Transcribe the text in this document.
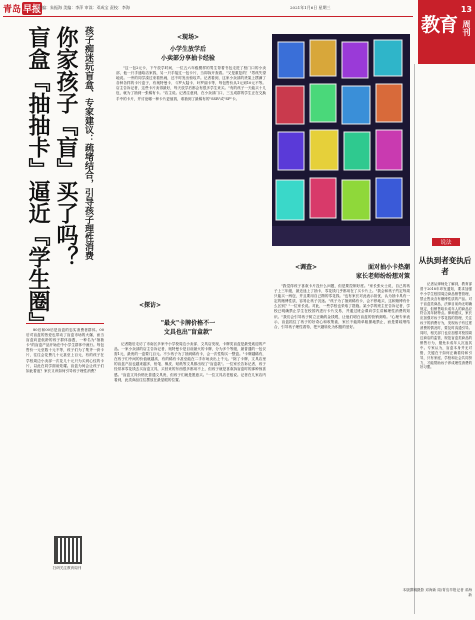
青岛 早报
美编：朱振海 美编：李萍 审读：邓成宝 责校：李海	2021年1月6日 星期三
教育
13
周刊
孩子痴迷玩盲盒、专家建议：疏堵结合，引导孩子理性消费
你家孩子『盲』买了吗？
盲盒『抽抽卡』逼近『学生圈』

80后和00后是盲盒的忠实消费者群体。00后对盲盒的热爱也带动了盲盒市场的火爆，而当盲盒向更低龄的孩子群体渗透，一种名为"抽抽卡"的盲盒产品开始在中小学生群体中流行。每包售价一元至数十元不等，孩子们为了集齐一套卡片，往往会花费几十元甚至上百元，有的孩子在学校周边小卖部一次花几十元只为买到心仪的卡片，以此在同学面前炫耀。盲盒为何会让孩子们如此着迷？家长又该如何引导孩子理性消费？

扫码关注教育周刊
<现场>
小学生放学后
小卖部分享抽卡经验

"这一包2元卡，下午放学时间，一位五六年级模样的男生背着书包走进了校门口的小卖部，他一只手递给店家钱，另一只手接过一包卡片，当即拆开查看。"又是重复的！"男孩失望地说。一旁的同学凑过来看热闹，还不时发出惊叹声。记者看到，这家小卖部的货架上摆满了各种各样的卡片盒子，有奥特曼卡、斗罗大陆卡、叶罗丽卡等，每包售价从1元到10元不等。店主告诉记者，这些卡片卖得最好，每天放学后都会有很多学生来买。"有的孩子一天能买十几包，就为了抽到一张稀有卡。"店主说。记者注意到，在小卖部门口，三五成群的学生正在交换手中的卡片，并讨论哪一种卡片更值钱，谁抽到了最稀有的"SSR"或"SP"卡。

<探访>
"最火"卡牌价格不一
文具也出"盲盒款"

记者随后走访了市南区多家中小学校周边小卖部、文具店发现，卡牌类盲盒是最受欢迎的产品。一家小卖部的店主告诉记者，奥特曼卡是目前最火的卡牌，分为多个等级，最普通的一包仅需1元，最贵的一盒要几百元。不少孩子为了抽到稀有卡，会一次性购买一整盒。"卡牌越稀有，在孩子们中间的价值就越高，有的稀有卡甚至能在二手市场卖出上千元。"除了卡牌，文具店里的盲盒产品也越来越多，铅笔、橡皮、贴纸等文具都出现了"盲盒款"。一位家长告诉记者，孩子经常拿零花钱去买盲盒文具，买回来的东西很多都用不上，但孩子就是喜欢拆盲盒时的那种惊喜感。"盲盒文具价格比普通文具贵，但孩子们就是愿意买。"一位文具店老板说。记者在几家店内看到，此类商品往往摆放在最显眼的位置。

<调查>	面对抽小卡热潮
家长老师纷纷想对策

"我觉得孩子喜欢卡片没什么问题，但是要控制好度。"家长张女士说，自己的孩子上三年级，最近迷上了抽卡，零花钱几乎都用在了买卡片上。"我会和孩子约定每周只能买一两包，并且要用自己攒的零花钱。"也有家长对此表示担忧，认为抽卡具有一定的赌博性质，容易让孩子沉迷。"孩子为了抽到稀有卡，会不停地买，这和赌博有什么区别？"一位家长说。对此，一些学校也采取了措施。某小学的班主任告诉记者，学校已明确禁止学生在校园内进行卡片交易，并通过班会课向学生讲解理性消费的知识。"我们会引导孩子树立正确的金钱观，让他们明白盲盒的营销套路。"心理专家表示，盲盒抓住了孩子的好奇心和收集欲，家长不能简单粗暴地禁止，而是要疏堵结合，引导孩子理性看待，把兴趣转化为积极的爱好。

说法
从执到者变执后者

记者从律师处了解到，教育部曾于2018年印发通知，要求加强中小学生校园周边商品销售管理，禁止售卖含有赌博性质的产品。对于盲盒类商品，法律目前尚无明确规定，但销售给未成年人的商品应符合其年龄特点。律师建议，家长应加强对孩子零花钱的管理，关注孩子的消费行为，发现孩子有过度消费的情况时，要及时沟通引导。同时，相关部门也应加强对校园周边商店的监管，规范盲盒类商品的销售行为，避免未成年人沉迷其中。专家认为，盲盒本身并无对错，关键在于如何正确看待和引导，只有家庭、学校和社会共同努力，才能帮助孩子养成理性消费的好习惯。

本版撰稿摄影 邓海新 周/青岛早报记者 邓海新
